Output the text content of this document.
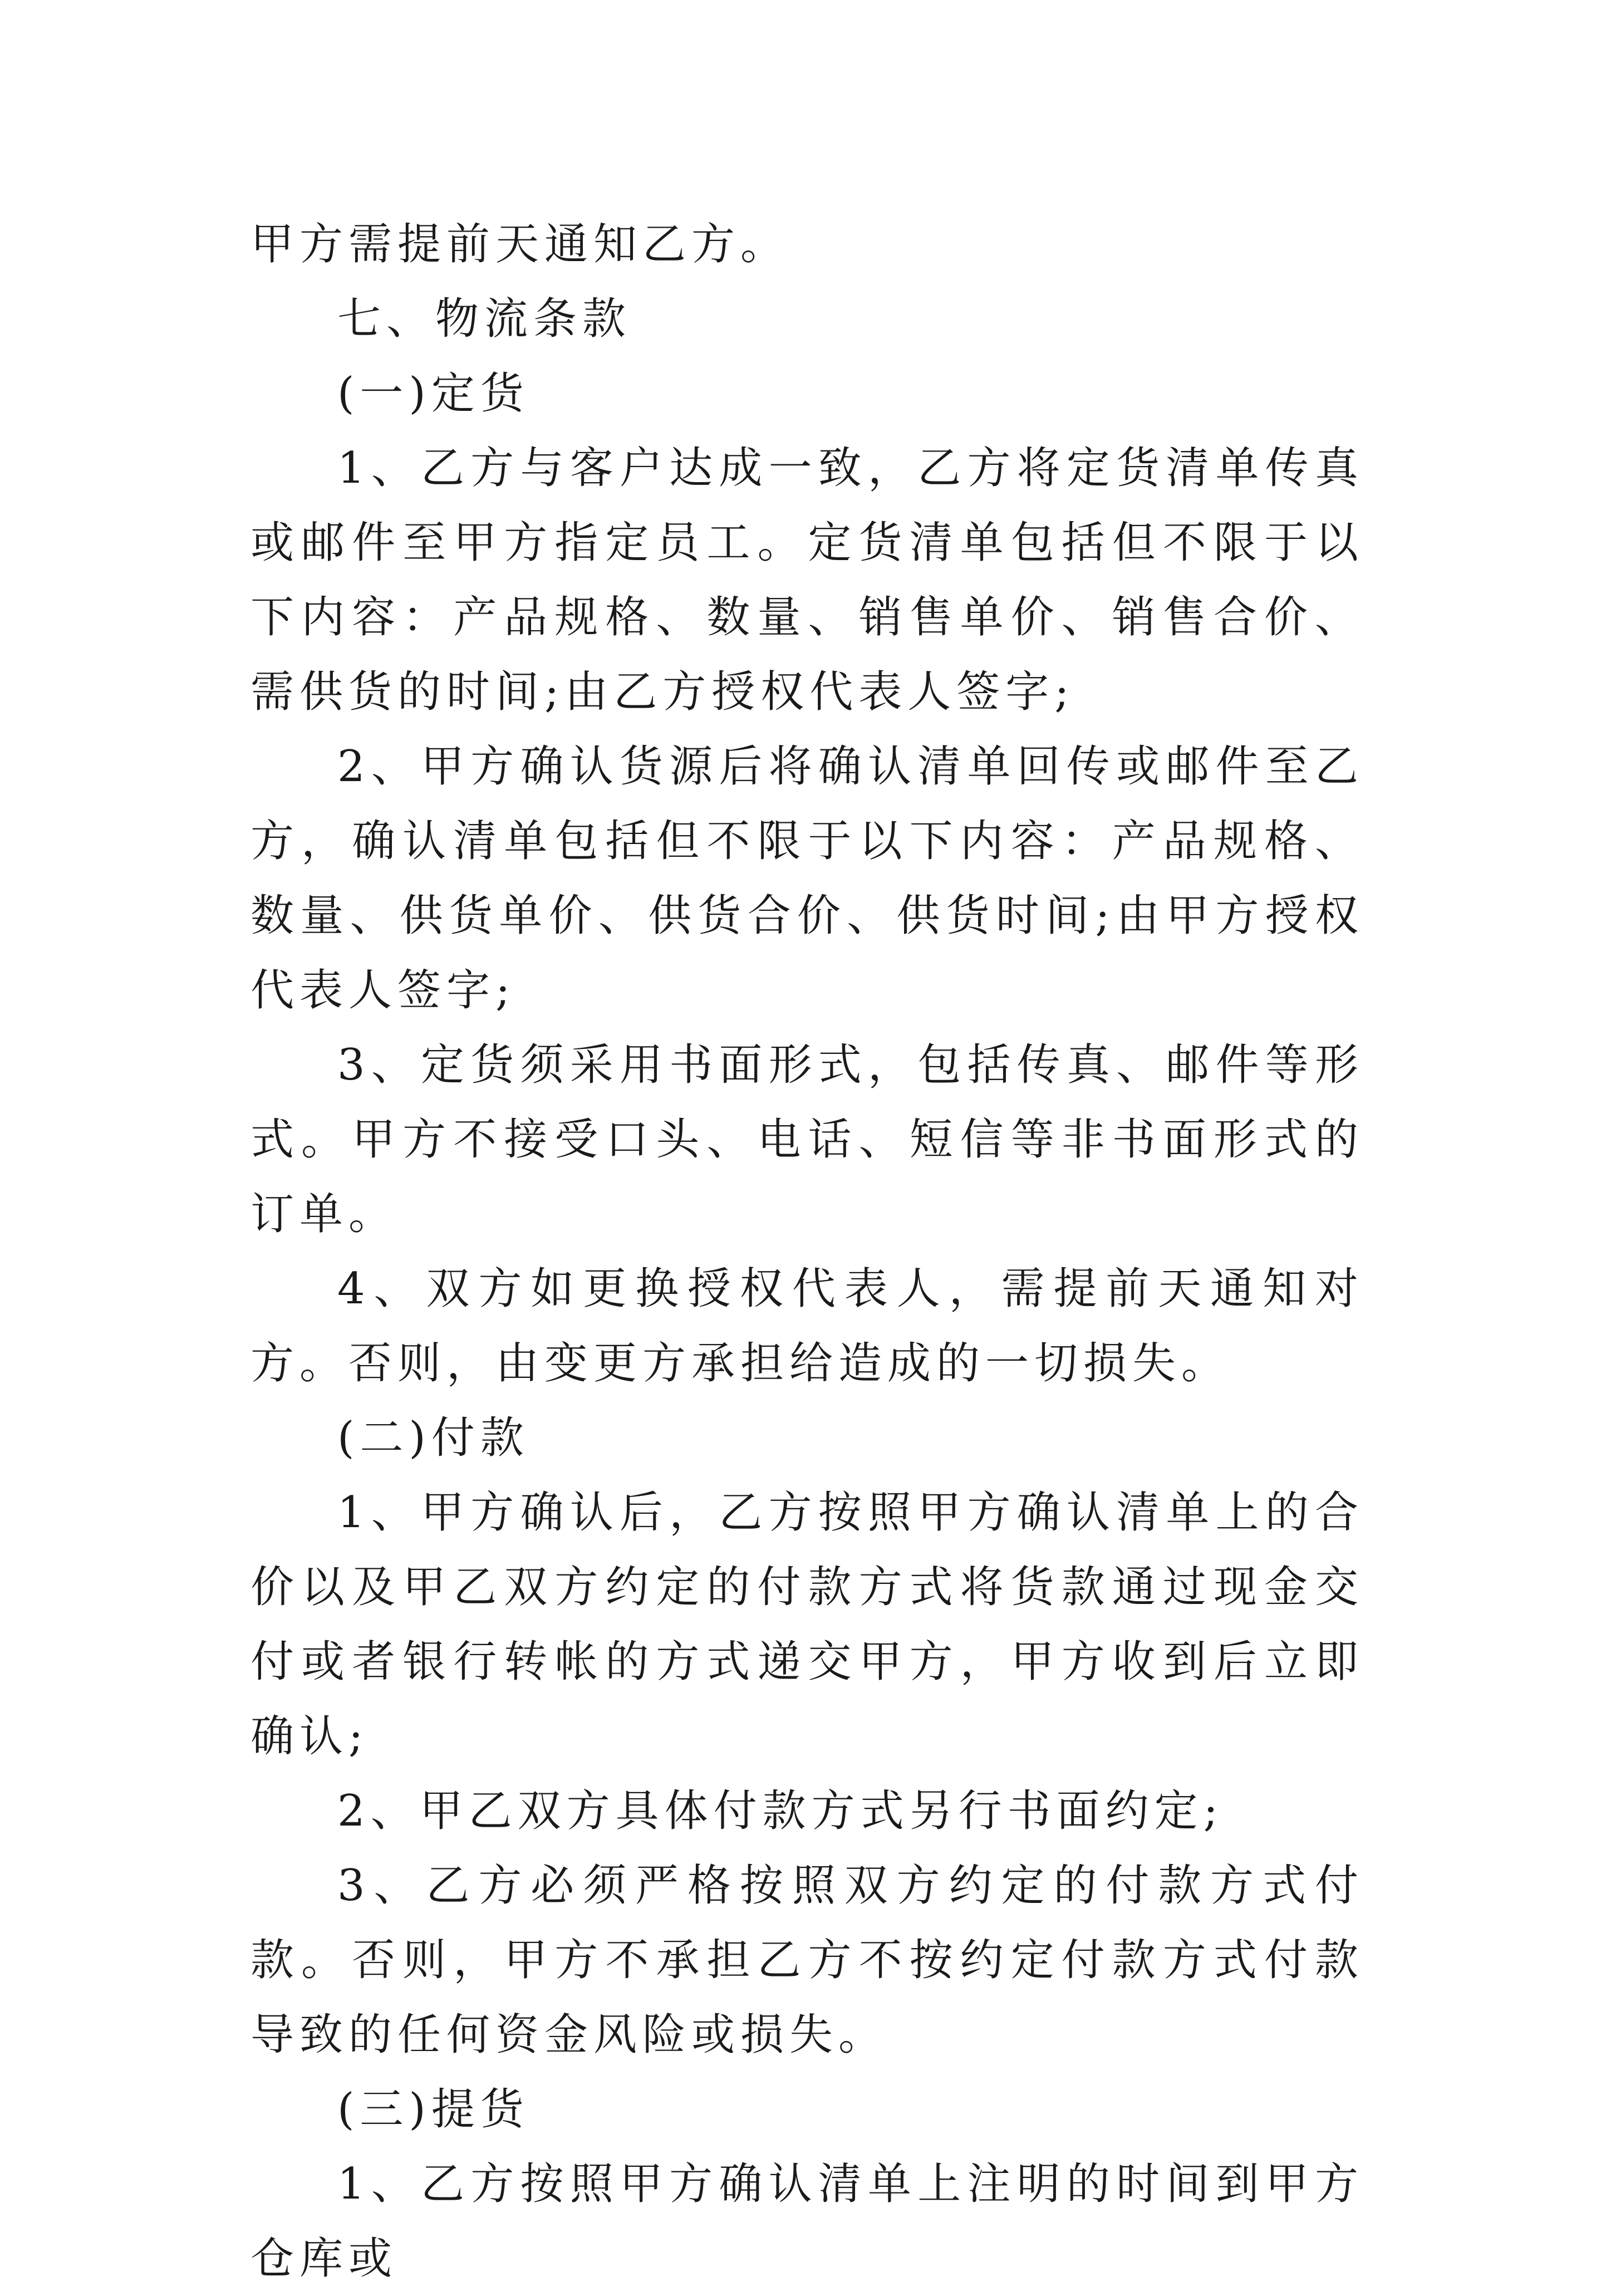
甲方需提前天通知乙方。

七、物流条款

(一)定货

1、乙方与客户达成一致，乙方将定货清单传真或邮件至甲方指定员工。定货清单包括但不限于以下内容：产品规格、数量、销售单价、销售合价、需供货的时间;由乙方授权代表人签字;

2、甲方确认货源后将确认清单回传或邮件至乙方，确认清单包括但不限于以下内容：产品规格、数量、供货单价、供货合价、供货时间;由甲方授权代表人签字;

3、定货须采用书面形式，包括传真、邮件等形式。甲方不接受口头、电话、短信等非书面形式的订单。

4、双方如更换授权代表人，需提前天通知对方。否则，由变更方承担给造成的一切损失。

(二)付款

1、甲方确认后，乙方按照甲方确认清单上的合价以及甲乙双方约定的付款方式将货款通过现金交付或者银行转帐的方式递交甲方，甲方收到后立即确认;

2、甲乙双方具体付款方式另行书面约定;

3、乙方必须严格按照双方约定的付款方式付款。否则，甲方不承担乙方不按约定付款方式付款导致的任何资金风险或损失。

(三)提货

1、乙方按照甲方确认清单上注明的时间到甲方仓库或
